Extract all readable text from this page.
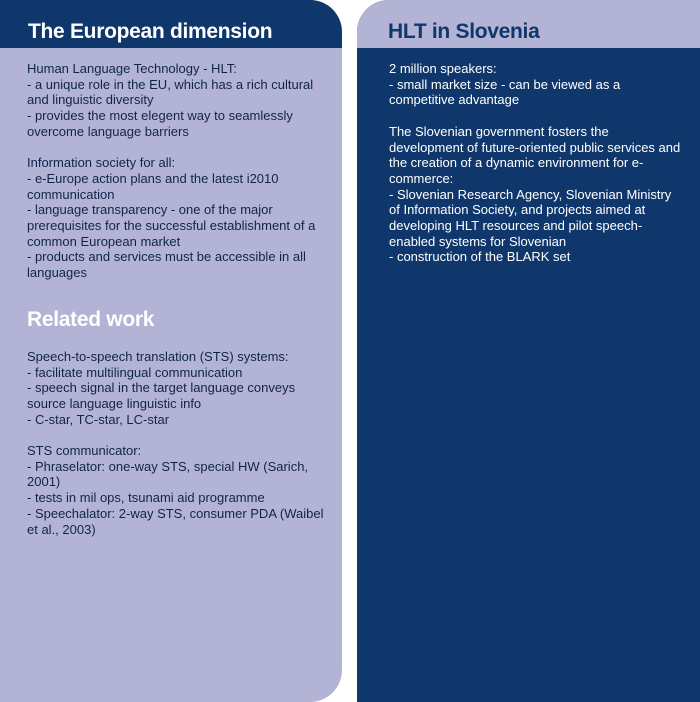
The European dimension

Human Language Technology - HLT:
- a unique role in the EU, which has a rich cultural and linguistic diversity
- provides the most elegent way to seamlessly overcome language barriers

Information society for all:
- e-Europe action plans and the latest i2010 communication
- language transparency - one of the major prerequisites for the successful establishment of a common European market
- products and services must be accessible in all languages

Related work

Speech-to-speech translation (STS) systems:
- facilitate multilingual communication
- speech signal in the target language conveys source language linguistic info
- C-star, TC-star, LC-star

STS communicator:
- Phraselator: one-way STS, special HW (Sarich, 2001)
- tests in mil ops, tsunami aid programme
- Speechalator: 2-way STS, consumer PDA (Waibel et al., 2003)

HLT in Slovenia

2 million speakers:
- small market size - can be viewed as a competitive advantage

The Slovenian government fosters the development of future-oriented public services and the creation of a dynamic environment for e-commerce:
- Slovenian Research Agency, Slovenian Ministry of Information Society, and projects aimed at developing HLT resources and pilot speech-enabled systems for Slovenian
- construction of the BLARK set
